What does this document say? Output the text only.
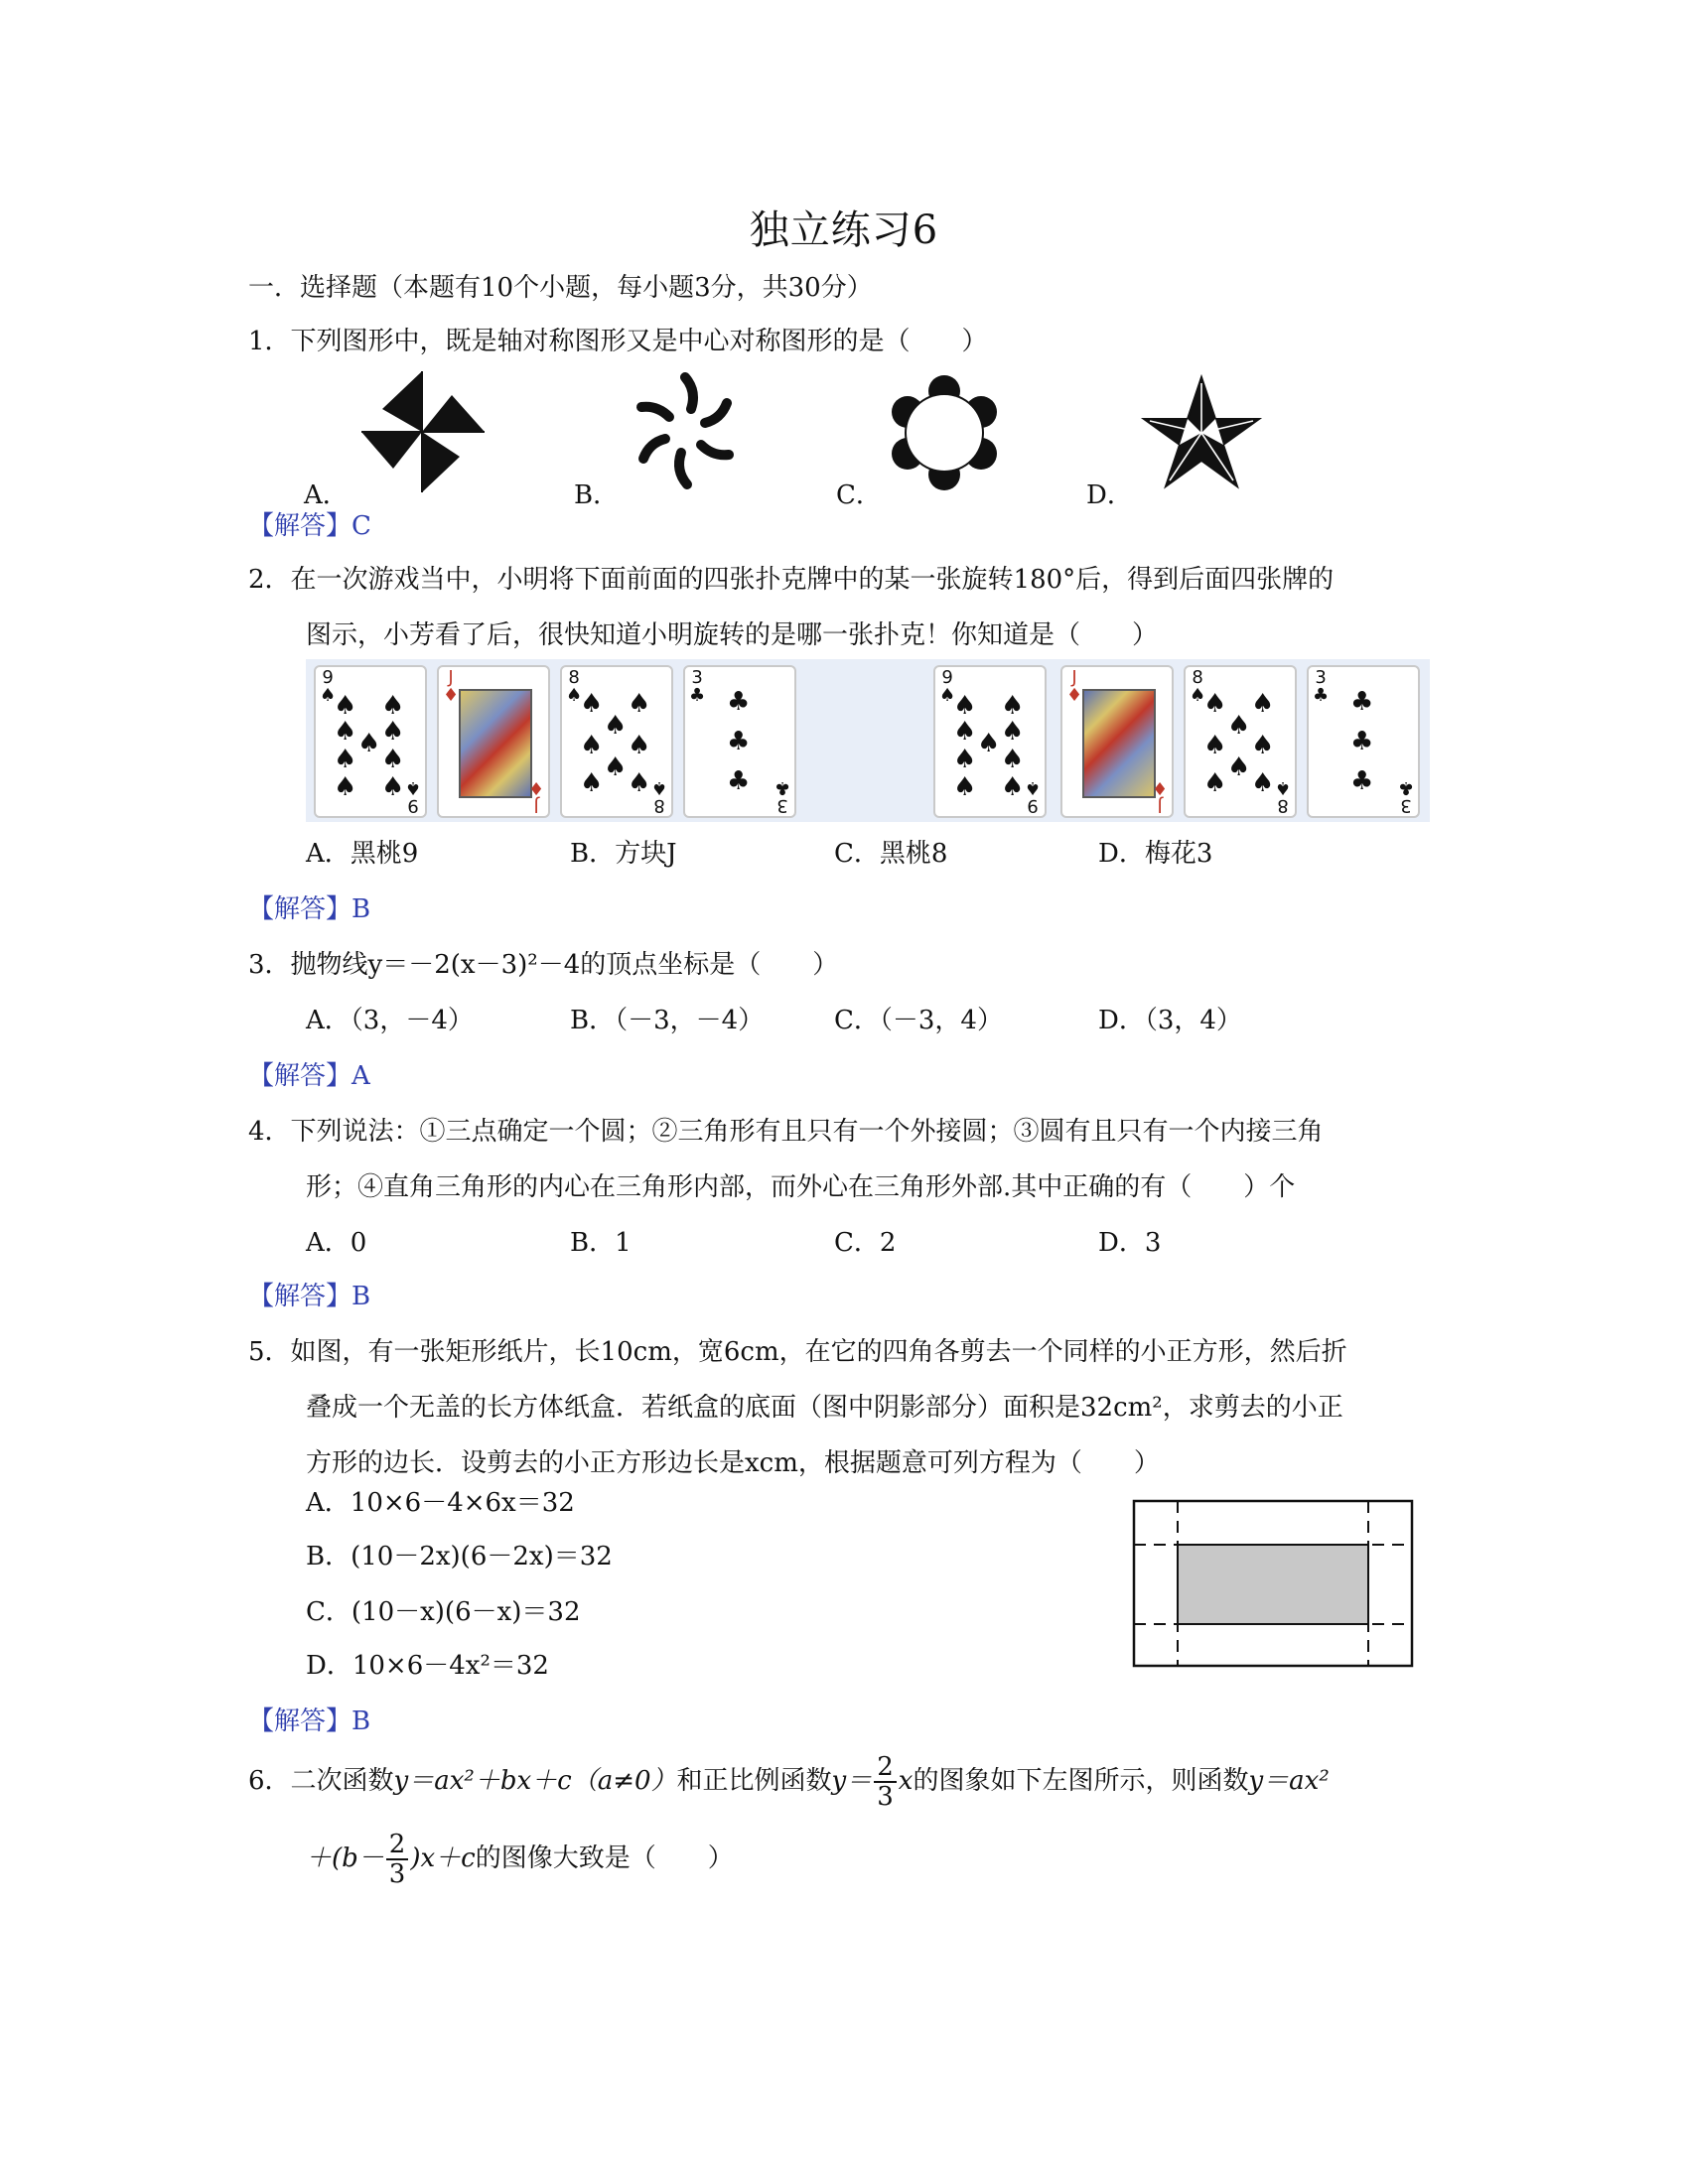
独立练习6
一．选择题（本题有10个小题，每小题3分，共30分）
1．下列图形中，既是轴对称图形又是中心对称图形的是（　　）
A．	B．	C．	D．
【解答】C
2．在一次游戏当中，小明将下面前面的四张扑克牌中的某一张旋转180°后，得到后面四张牌的
图示，小芳看了后，很快知道小明旋转的是哪一张扑克！你知道是（　　）
9
♠
♠ ♠
♠ ♠
♠
♠ ♠
♠ ♠
9
♠
J
♦
J
♦
8
♠
♠ ♠
♠
♠ ♠
♠
♠
♠
8
♠
3
♣ ♣
♣
♣
3
♣
9
♠
♠ ♠
♠ ♠
♠
♠ ♠
♠ ♠
9
♠
J
♦
J
♦
8
♠
♠ ♠
♠
♠ ♠
♠
♠
♠
8
♠
3
♣ ♣
♣
♣
3
♣
A．黑桃9	B．方块J	C．黑桃8	D．梅花3
【解答】B
3．抛物线y＝－2(x－3)²－4的顶点坐标是（　　）
A．（3，－4）	B．（－3，－4）	C．（－3，4）	D．（3，4）
【解答】A
4．下列说法：①三点确定一个圆；②三角形有且只有一个外接圆；③圆有且只有一个内接三角
形；④直角三角形的内心在三角形内部，而外心在三角形外部.其中正确的有（　　）个
A．0	B．1	C．2	D．3
【解答】B
5．如图，有一张矩形纸片，长10cm，宽6cm，在它的四角各剪去一个同样的小正方形，然后折
叠成一个无盖的长方体纸盒．若纸盒的底面（图中阴影部分）面积是32cm²，求剪去的小正
方形的边长．设剪去的小正方形边长是xcm，根据题意可列方程为（　　）
A．10×6－4×6x＝32
B．(10－2x)(6－2x)＝32
C．(10－x)(6－x)＝32
D．10×6－4x²＝32
【解答】B
6．二次函数y＝ax²＋bx＋c（a≠0）和正比例函数$y= \frac{2}{3}$ x的图象如下左图所示，则函数y＝ax²
$+(b- \frac{2}{3} )x+c$的图像大致是（　　）
